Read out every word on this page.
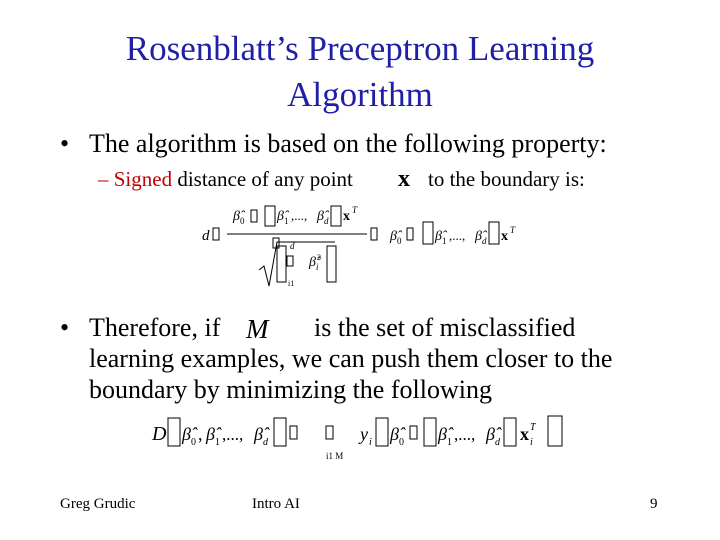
Rosenblatt’s Preceptron Learning
Algorithm
• The algorithm is based on the following property:
– Signed distance of any point x to the boundary is:
d
β̂ 0 β̂ 1 ,..., β̂ d x T
β̂ 0 β̂ 1 ,..., β̂ d x T
d
β̂ i
2
i1
• Therefore, if M is the set of misclassified
learning examples, we can push them closer to the
boundary by minimizing the following
D β̂ 0 , β̂ 1 ,..., β̂ d
i1 M
y i β̂ 0 β̂ 1 ,..., β̂ d x i
T
Greg Grudic	Intro AI	9
